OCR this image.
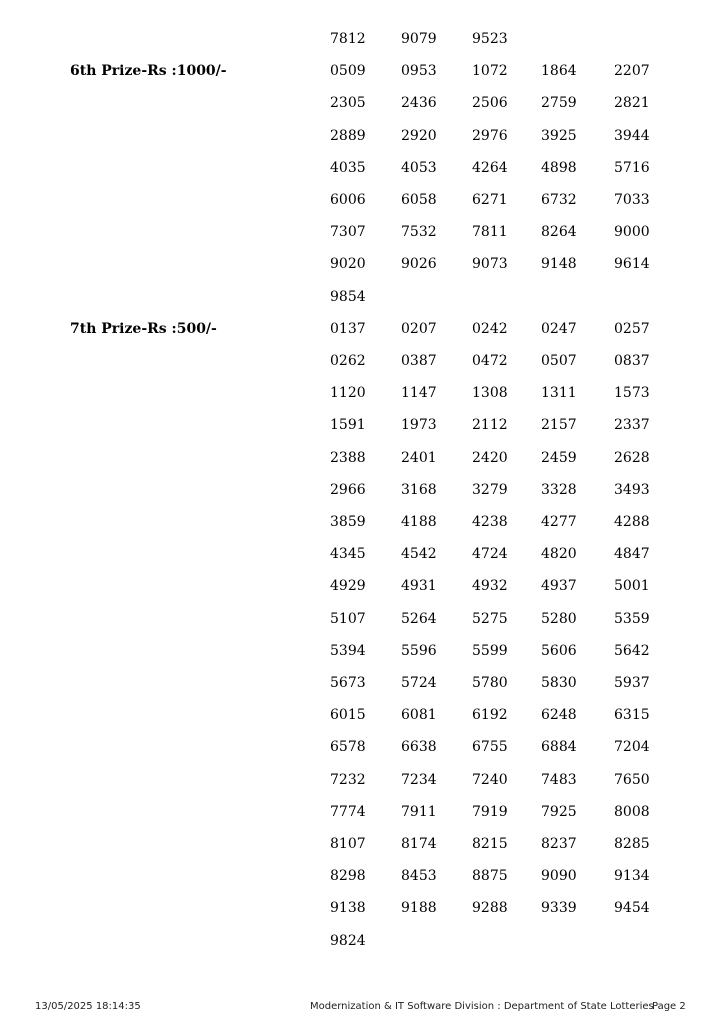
7812	9079	9523
6th Prize-Rs :1000/-	0509	0953	1072 1864	2207
2305	2436	2506 2759	2821
2889	2920	2976 3925	3944
4035	4053	4264 4898	5716
6006	6058	6271 6732	7033
7307	7532	7811 8264	9000
9020	9026	9073 9148	9614
9854
7th Prize-Rs :500/-	0137	0207	0242 0247	0257
0262	0387	0472 0507	0837
1120	1147	1308 1311	1573
1591	1973	2112 2157	2337
2388	2401	2420 2459	2628
2966	3168	3279 3328	3493
3859	4188	4238 4277	4288
4345	4542	4724 4820	4847
4929	4931	4932 4937	5001
5107	5264	5275 5280	5359
5394	5596	5599 5606	5642
5673	5724	5780 5830	5937
6015	6081	6192 6248	6315
6578	6638	6755 6884	7204
7232	7234	7240 7483	7650
7774	7911	7919 7925	8008
8107	8174	8215 8237	8285
8298	8453	8875 9090	9134
9138	9188	9288 9339	9454
9824
13/05/2025 18:14:35	Modernization & IT Software Division : Department of State Lotteries
Page 2
